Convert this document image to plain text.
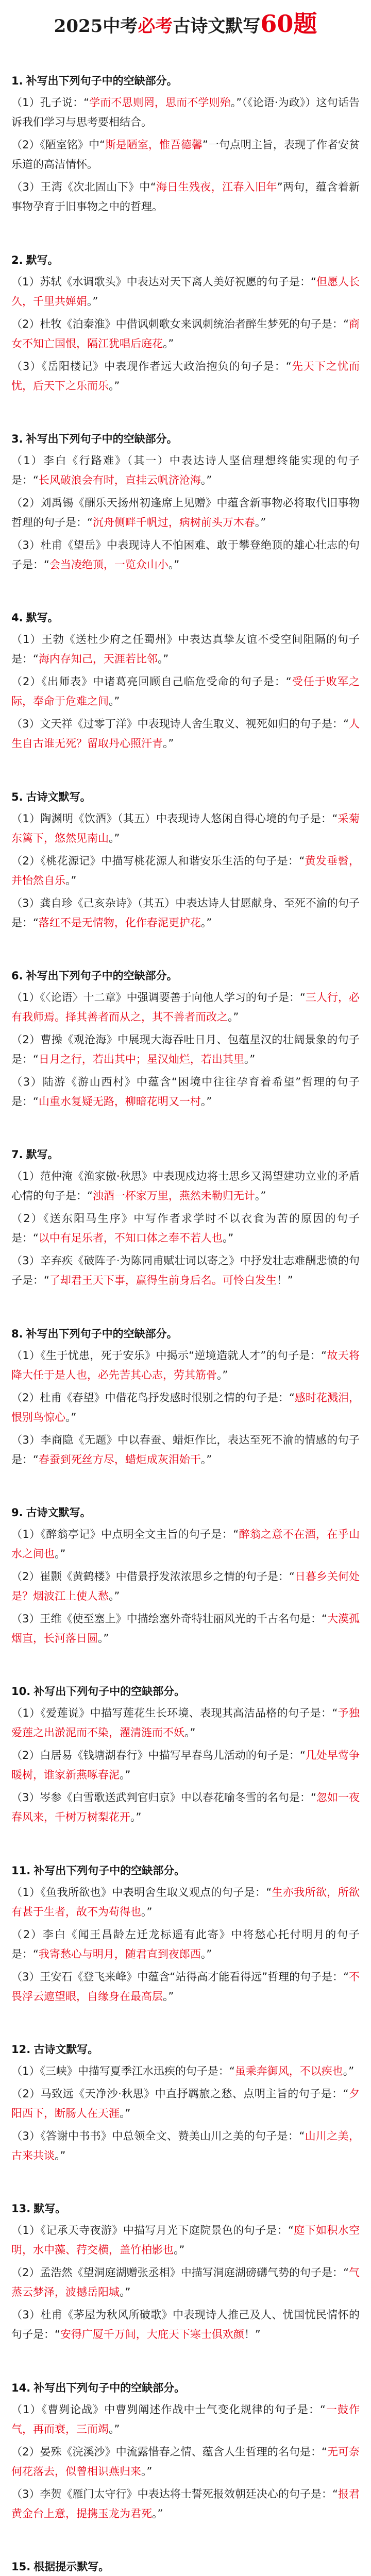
2025中考必考古诗文默写60题
1. 补写出下列句子中的空缺部分。

（1）孔子说：“学而不思则罔，思而不学则殆。”（《论语·为政》）这句话告诉我们学习与思考要相结合。

（2）《陋室铭》中“斯是陋室，惟吾德馨”一句点明主旨，表现了作者安贫乐道的高洁情怀。

（3）王湾《次北固山下》中“海日生残夜，江春入旧年”两句，蕴含着新事物孕育于旧事物之中的哲理。

2. 默写。

（1）苏轼《水调歌头》中表达对天下离人美好祝愿的句子是：“但愿人长久，千里共婵娟。”

（2）杜牧《泊秦淮》中借讽刺歌女来讽刺统治者醉生梦死的句子是：“商女不知亡国恨，隔江犹唱后庭花。”

（3）《岳阳楼记》中表现作者远大政治抱负的句子是：“先天下之忧而忧，后天下之乐而乐。”

3. 补写出下列句子中的空缺部分。

（1）李白《行路难》（其一）中表达诗人坚信理想终能实现的句子是：“长风破浪会有时，直挂云帆济沧海。”

（2）刘禹锡《酬乐天扬州初逢席上见赠》中蕴含新事物必将取代旧事物哲理的句子是：“沉舟侧畔千帆过，病树前头万木春。”

（3）杜甫《望岳》中表现诗人不怕困难、敢于攀登绝顶的雄心壮志的句子是：“会当凌绝顶，一览众山小。”

4. 默写。

（1）王勃《送杜少府之任蜀州》中表达真挚友谊不受空间阻隔的句子是：“海内存知己，天涯若比邻。”

（2）《出师表》中诸葛亮回顾自己临危受命的句子是：“受任于败军之际，奉命于危难之间。”

（3）文天祥《过零丁洋》中表现诗人舍生取义、视死如归的句子是：“人生自古谁无死？留取丹心照汗青。”

5. 古诗文默写。

（1）陶渊明《饮酒》（其五）中表现诗人悠闲自得心境的句子是：“采菊东篱下，悠然见南山。”

（2）《桃花源记》中描写桃花源人和谐安乐生活的句子是：“黄发垂髫，并怡然自乐。”

（3）龚自珍《己亥杂诗》（其五）中表达诗人甘愿献身、至死不渝的句子是：“落红不是无情物，化作春泥更护花。”

6. 补写出下列句子中的空缺部分。

（1）《〈论语〉十二章》中强调要善于向他人学习的句子是：“三人行，必有我师焉。择其善者而从之，其不善者而改之。”

（2）曹操《观沧海》中展现大海吞吐日月、包蕴星汉的壮阔景象的句子是：“日月之行，若出其中；星汉灿烂，若出其里。”

（3）陆游《游山西村》中蕴含“困境中往往孕育着希望”哲理的句子是：“山重水复疑无路，柳暗花明又一村。”

7. 默写。

（1）范仲淹《渔家傲·秋思》中表现戍边将士思乡又渴望建功立业的矛盾心情的句子是：“浊酒一杯家万里，燕然未勒归无计。”

（2）《送东阳马生序》中写作者求学时不以衣食为苦的原因的句子是：“以中有足乐者，不知口体之奉不若人也。”

（3）辛弃疾《破阵子·为陈同甫赋壮词以寄之》中抒发壮志难酬悲愤的句子是：“了却君王天下事，赢得生前身后名。可怜白发生！”

8. 补写出下列句子中的空缺部分。

（1）《生于忧患，死于安乐》中揭示“逆境造就人才”的句子是：“故天将降大任于是人也，必先苦其心志，劳其筋骨。”

（2）杜甫《春望》中借花鸟抒发感时恨别之情的句子是：“感时花溅泪，恨别鸟惊心。”

（3）李商隐《无题》中以春蚕、蜡炬作比，表达至死不渝的情感的句子是：“春蚕到死丝方尽，蜡炬成灰泪始干。”

9. 古诗文默写。

（1）《醉翁亭记》中点明全文主旨的句子是：“醉翁之意不在酒，在乎山水之间也。”

（2）崔颢《黄鹤楼》中借景抒发浓浓思乡之情的句子是：“日暮乡关何处是？烟波江上使人愁。”

（3）王维《使至塞上》中描绘塞外奇特壮丽风光的千古名句是：“大漠孤烟直，长河落日圆。”

10. 补写出下列句子中的空缺部分。

（1）《爱莲说》中描写莲花生长环境、表现其高洁品格的句子是：“予独爱莲之出淤泥而不染，濯清涟而不妖。”

（2）白居易《钱塘湖春行》中描写早春鸟儿活动的句子是：“几处早莺争暖树，谁家新燕啄春泥。”

（3）岑参《白雪歌送武判官归京》中以春花喻冬雪的名句是：“忽如一夜春风来，千树万树梨花开。”

11. 补写出下列句子中的空缺部分。

（1）《鱼我所欲也》中表明舍生取义观点的句子是：“生亦我所欲，所欲有甚于生者，故不为苟得也。”

（2）李白《闻王昌龄左迁龙标遥有此寄》中将愁心托付明月的句子是：“我寄愁心与明月，随君直到夜郎西。”

（3）王安石《登飞来峰》中蕴含“站得高才能看得远”哲理的句子是：“不畏浮云遮望眼，自缘身在最高层。”

12. 古诗文默写。

（1）《三峡》中描写夏季江水迅疾的句子是：“虽乘奔御风，不以疾也。”

（2）马致远《天净沙·秋思》中直抒羁旅之愁、点明主旨的句子是：“夕阳西下，断肠人在天涯。”

（3）《答谢中书书》中总领全文、赞美山川之美的句子是：“山川之美，古来共谈。”

13. 默写。

（1）《记承天寺夜游》中描写月光下庭院景色的句子是：“庭下如积水空明，水中藻、荇交横，盖竹柏影也。”

（2）孟浩然《望洞庭湖赠张丞相》中描写洞庭湖磅礴气势的句子是：“气蒸云梦泽，波撼岳阳城。”

（3）杜甫《茅屋为秋风所破歌》中表现诗人推己及人、忧国忧民情怀的句子是：“安得广厦千万间，大庇天下寒士俱欢颜！”

14. 补写出下列句子中的空缺部分。

（1）《曹刿论战》中曹刿阐述作战中士气变化规律的句子是：“一鼓作气，再而衰，三而竭。”

（2）晏殊《浣溪沙》中流露惜春之情、蕴含人生哲理的名句是：“无可奈何花落去，似曾相识燕归来。”

（3）李贺《雁门太守行》中表达将士誓死报效朝廷决心的句子是：“报君黄金台上意，提携玉龙为君死。”

15. 根据提示默写。
